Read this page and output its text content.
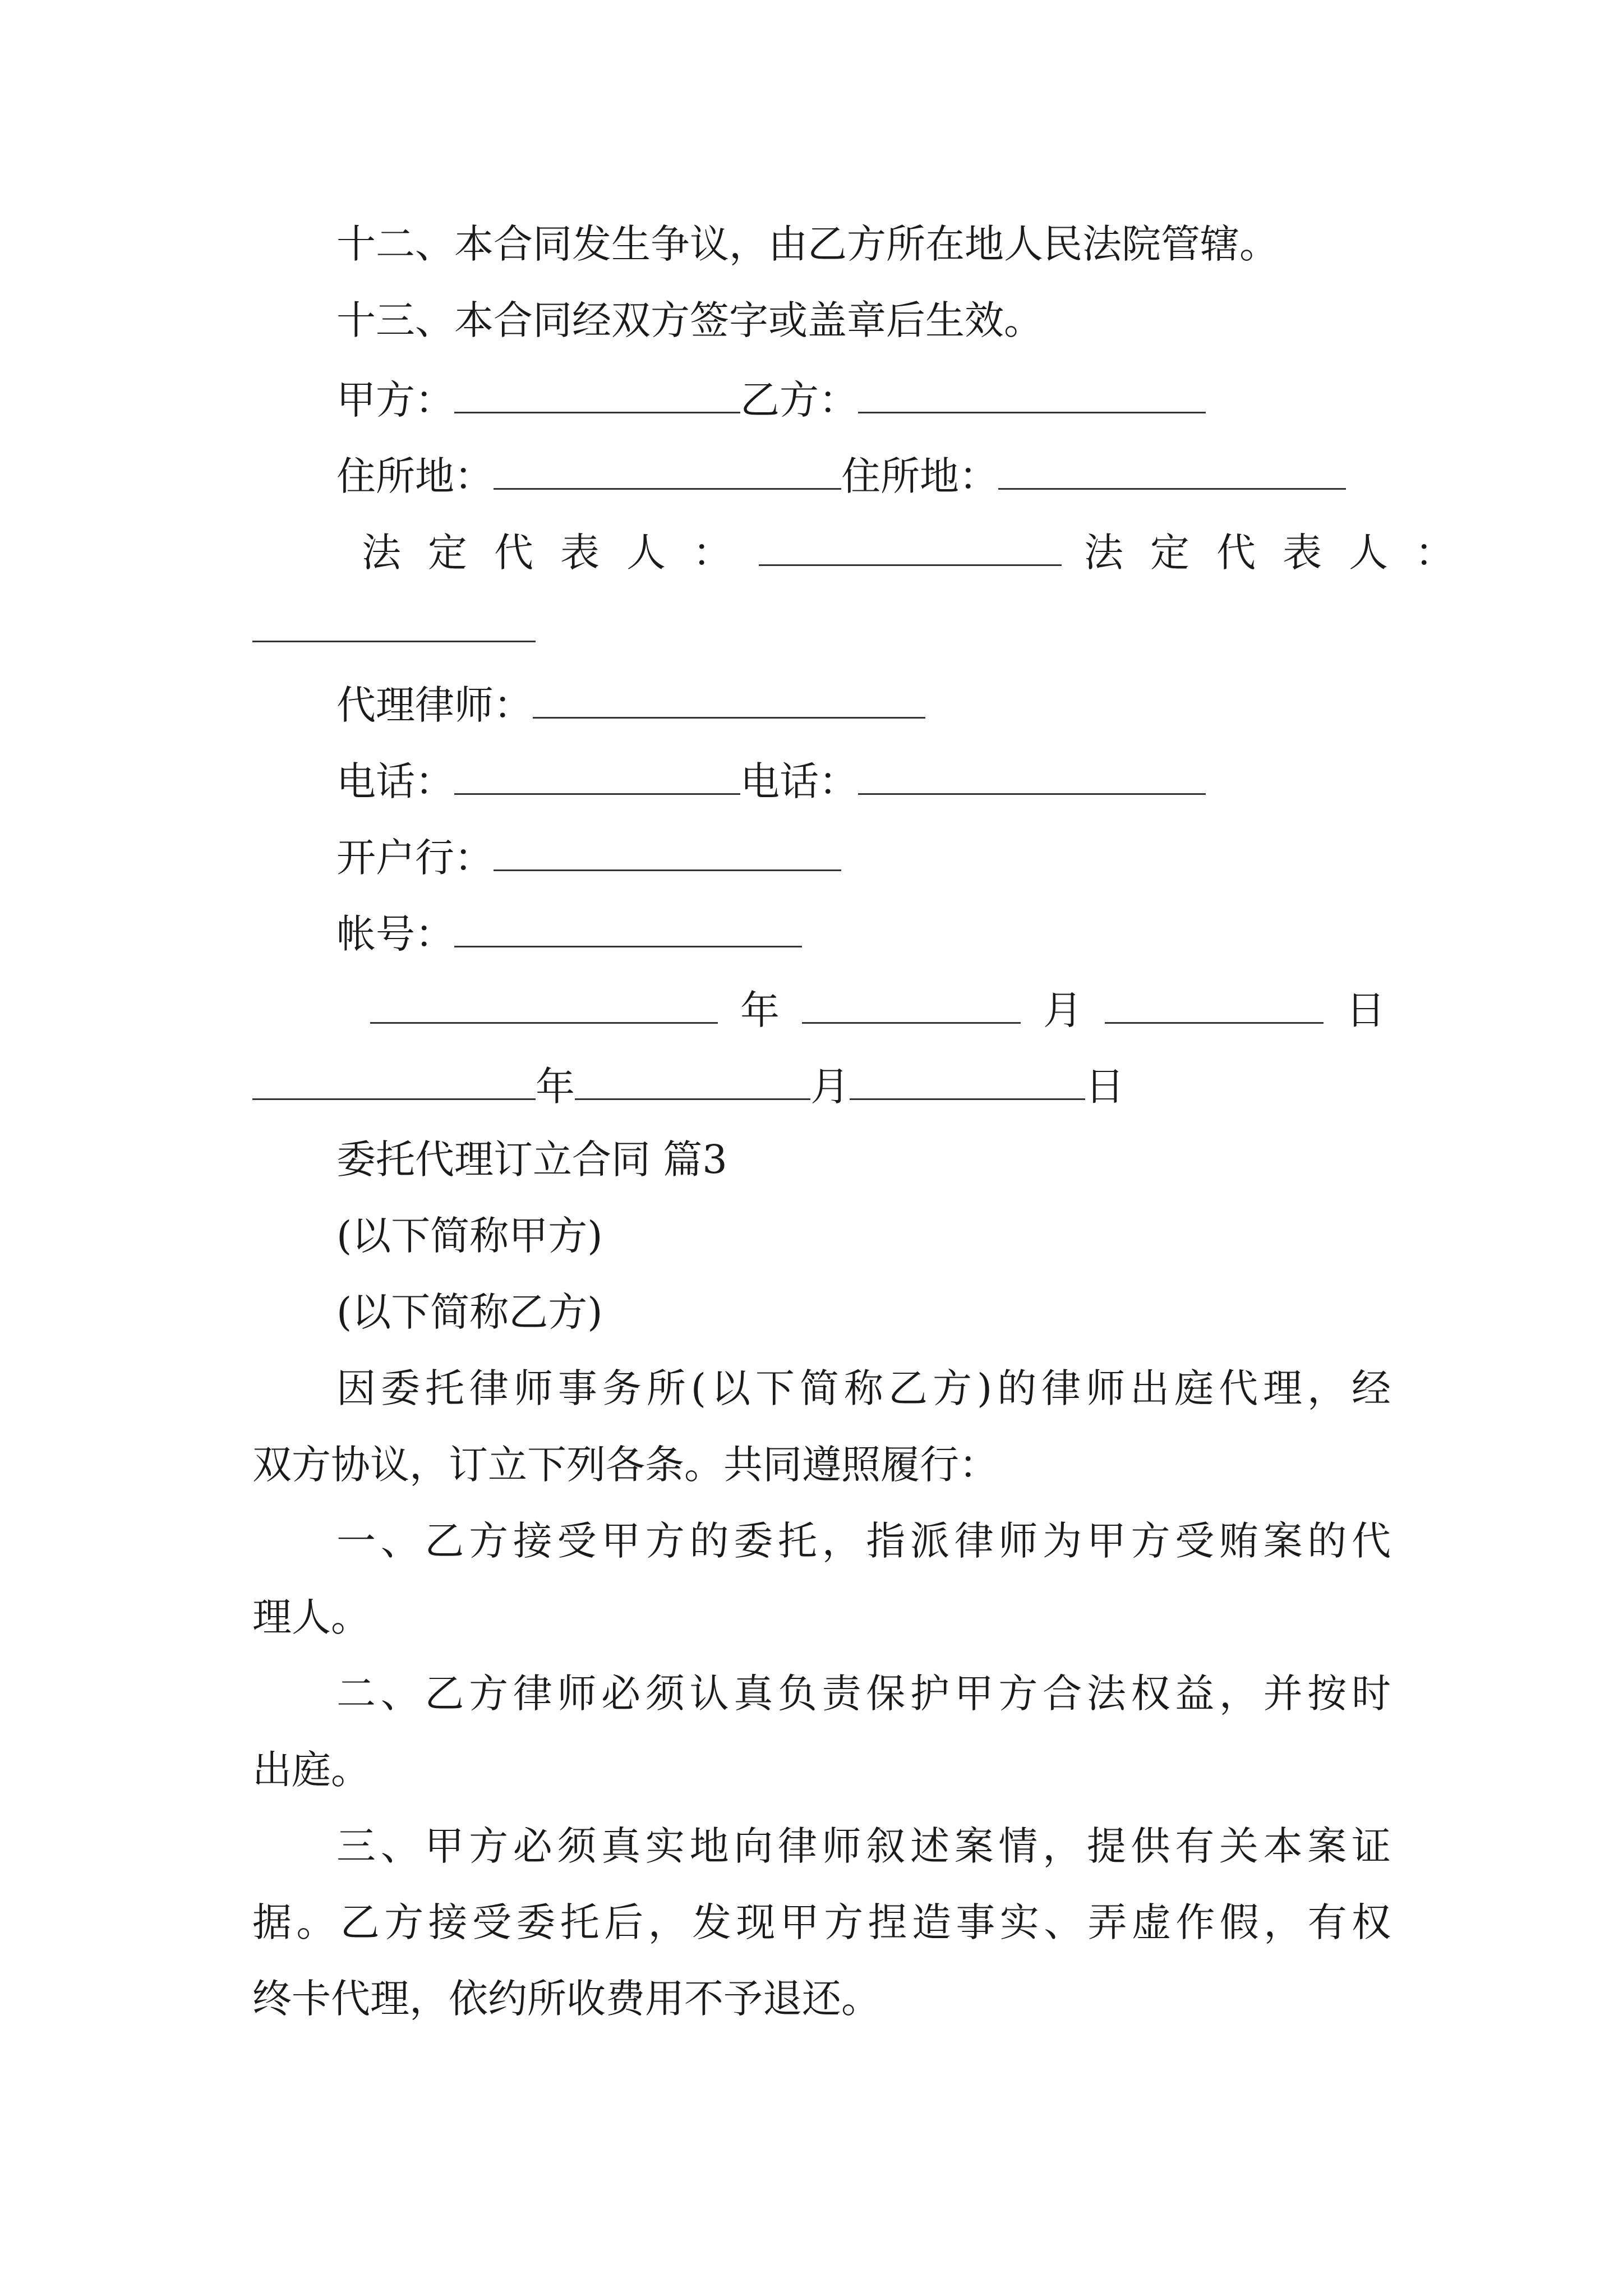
十二、本合同发生争议，由乙方所在地人民法院管辖。
十三、本合同经双方签字或盖章后生效。
甲方：	乙方：
住所地：	住所地：
法定代表人：	法定代表人：
代理律师：
电话：	电话：
开户行：
帐号：
年	月	日
年	月	日
委托代理订立合同 篇3
(以下简称甲方)
(以下简称乙方)
因委托律师事务所(以下简称乙方)的律师出庭代理，经
双方协议，订立下列各条。共同遵照履行：
一、乙方接受甲方的委托，指派律师为甲方受贿案的代
理人。
二、乙方律师必须认真负责保护甲方合法权益，并按时
出庭。
三、甲方必须真实地向律师叙述案情，提供有关本案证
据。乙方接受委托后，发现甲方捏造事实、弄虚作假，有权
终卡代理，依约所收费用不予退还。
